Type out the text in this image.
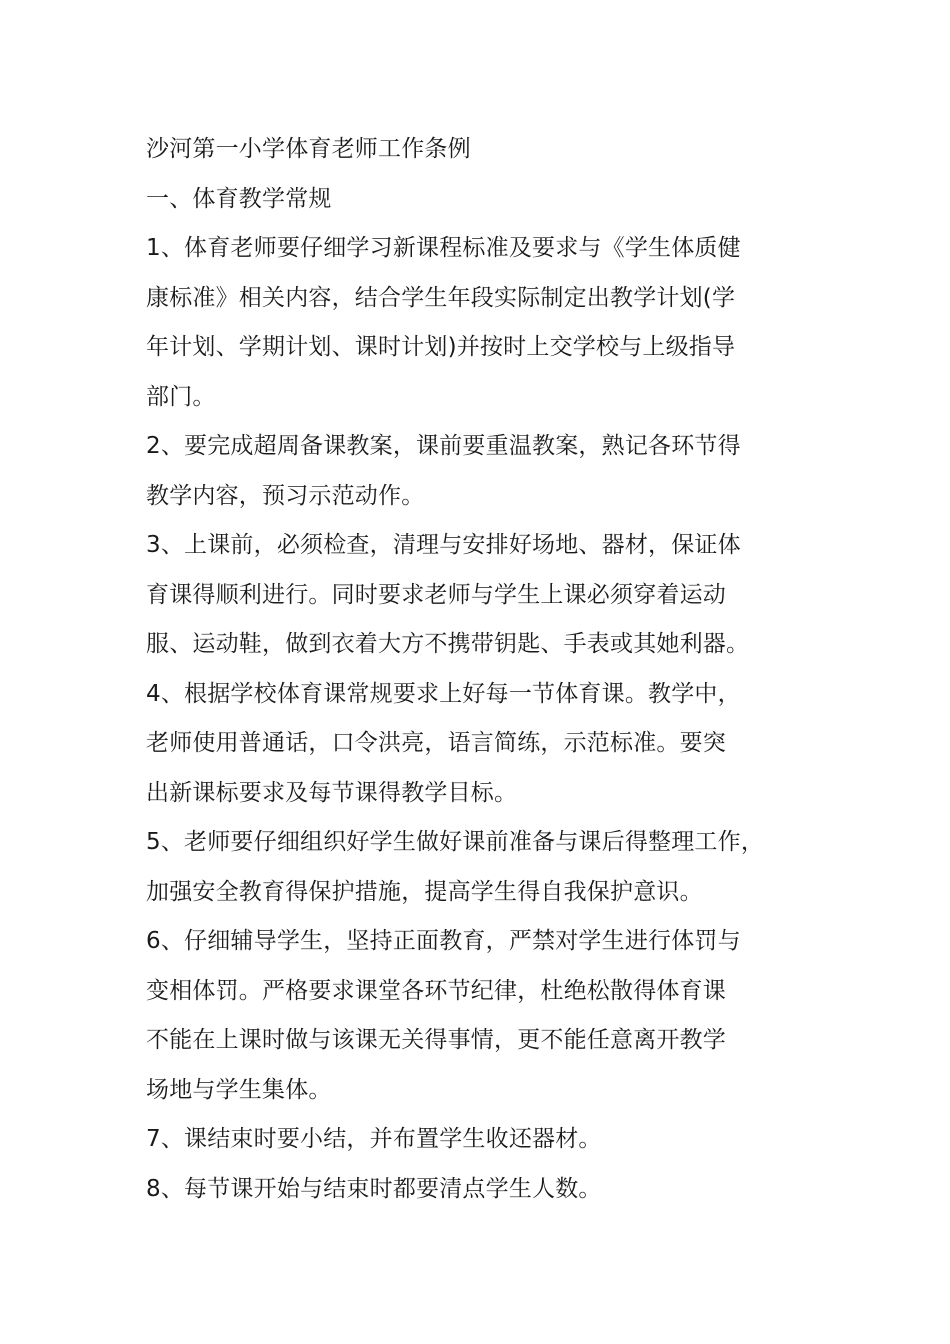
沙河第一小学体育老师工作条例
一、体育教学常规
1、体育老师要仔细学习新课程标准及要求与《学生体质健
康标准》相关内容，结合学生年段实际制定出教学计划(学
年计划、学期计划、课时计划)并按时上交学校与上级指导
部门。
2、要完成超周备课教案，课前要重温教案，熟记各环节得
教学内容，预习示范动作。
3、上课前，必须检查，清理与安排好场地、器材，保证体
育课得顺利进行。同时要求老师与学生上课必须穿着运动
服、运动鞋，做到衣着大方不携带钥匙、手表或其她利器。
4、根据学校体育课常规要求上好每一节体育课。教学中，
老师使用普通话，口令洪亮，语言简练，示范标准。要突
出新课标要求及每节课得教学目标。
5、老师要仔细组织好学生做好课前准备与课后得整理工作，
加强安全教育得保护措施，提高学生得自我保护意识。
6、仔细辅导学生，坚持正面教育，严禁对学生进行体罚与
变相体罚。严格要求课堂各环节纪律，杜绝松散得体育课
不能在上课时做与该课无关得事情，更不能任意离开教学
场地与学生集体。
7、课结束时要小结，并布置学生收还器材。
8、每节课开始与结束时都要清点学生人数。
